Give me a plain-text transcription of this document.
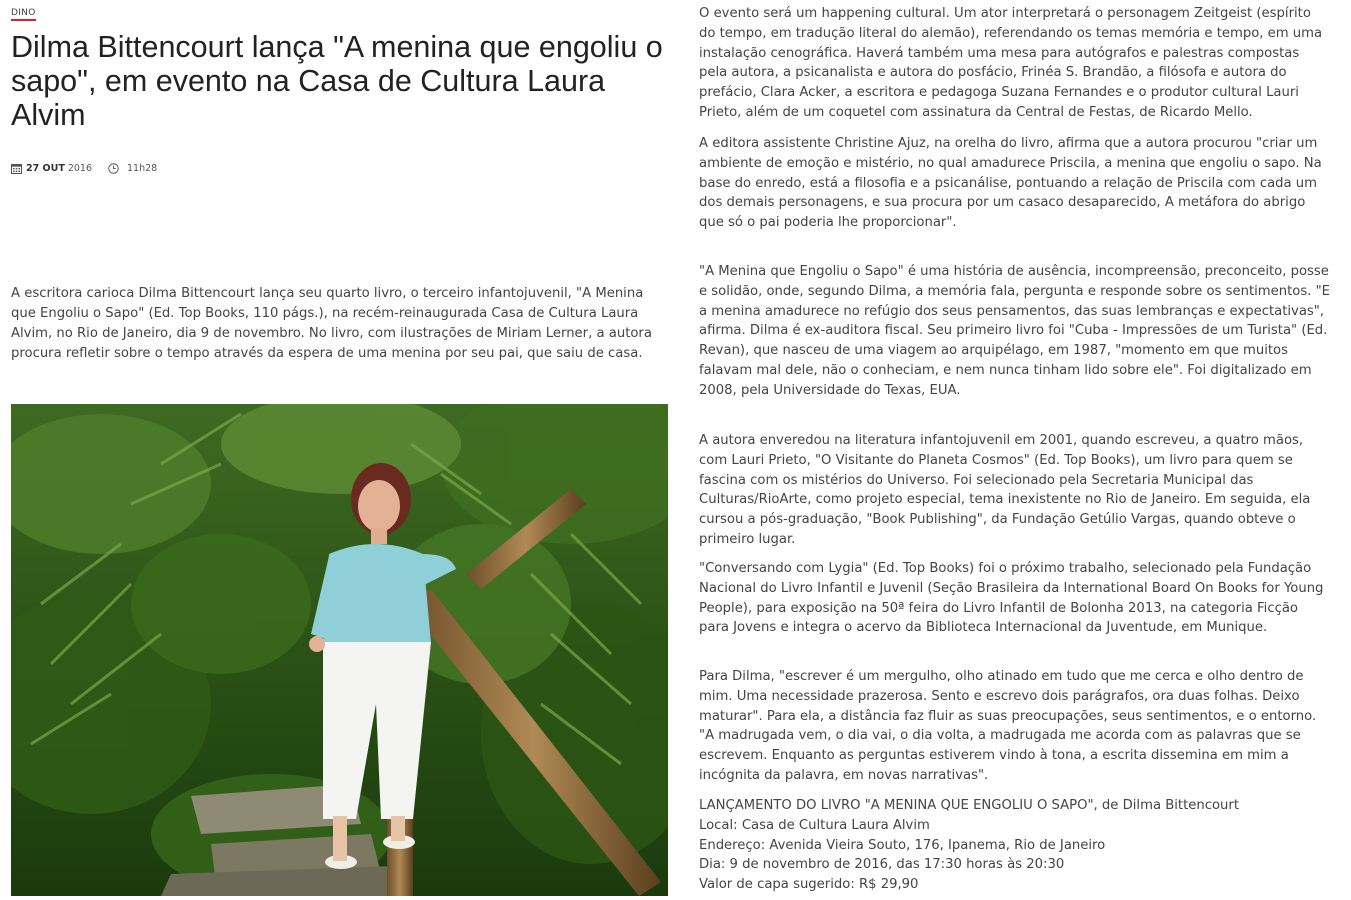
DINO
Dilma Bittencourt lança "A menina que engoliu o sapo", em evento na Casa de Cultura Laura Alvim
27 OUT 2016	11h28

A escritora carioca Dilma Bittencourt lança seu quarto livro, o terceiro infantojuvenil, "A Menina que Engoliu o Sapo" (Ed. Top Books, 110 págs.), na recém-reinaugurada Casa de Cultura Laura Alvim, no Rio de Janeiro, dia 9 de novembro. No livro, com ilustrações de Miriam Lerner, a autora procura refletir sobre o tempo através da espera de uma menina por seu pai, que saiu de casa.

O evento será um happening cultural. Um ator interpretará o personagem Zeitgeist (espírito do tempo, em tradução literal do alemão), referendando os temas memória e tempo, em uma instalação cenográfica. Haverá também uma mesa para autógrafos e palestras compostas pela autora, a psicanalista e autora do posfácio, Frinéa S. Brandão, a filósofa e autora do prefácio, Clara Acker, a escritora e pedagoga Suzana Fernandes e o produtor cultural Lauri Prieto, além de um coquetel com assinatura da Central de Festas, de Ricardo Mello.

A editora assistente Christine Ajuz, na orelha do livro, afirma que a autora procurou "criar um ambiente de emoção e mistério, no qual amadurece Priscila, a menina que engoliu o sapo. Na base do enredo, está a filosofia e a psicanálise, pontuando a relação de Priscila com cada um dos demais personagens, e sua procura por um casaco desaparecido, A metáfora do abrigo que só o pai poderia lhe proporcionar".

"A Menina que Engoliu o Sapo" é uma história de ausência, incompreensão, preconceito, posse e solidão, onde, segundo Dilma, a memória fala, pergunta e responde sobre os sentimentos. "E a menina amadurece no refúgio dos seus pensamentos, das suas lembranças e expectativas", afirma. Dilma é ex-auditora fiscal. Seu primeiro livro foi "Cuba - Impressões de um Turista" (Ed. Revan), que nasceu de uma viagem ao arquipélago, em 1987, "momento em que muitos falavam mal dele, não o conheciam, e nem nunca tinham lido sobre ele". Foi digitalizado em 2008, pela Universidade do Texas, EUA.

A autora enveredou na literatura infantojuvenil em 2001, quando escreveu, a quatro mãos, com Lauri Prieto, "O Visitante do Planeta Cosmos" (Ed. Top Books), um livro para quem se fascina com os mistérios do Universo. Foi selecionado pela Secretaria Municipal das Culturas/RioArte, como projeto especial, tema inexistente no Rio de Janeiro. Em seguida, ela cursou a pós-graduação, "Book Publishing", da Fundação Getúlio Vargas, quando obteve o primeiro lugar.

"Conversando com Lygia" (Ed. Top Books) foi o próximo trabalho, selecionado pela Fundação Nacional do Livro Infantil e Juvenil (Seção Brasileira da International Board On Books for Young People), para exposição na 50ª feira do Livro Infantil de Bolonha 2013, na categoria Ficção para Jovens e integra o acervo da Biblioteca Internacional da Juventude, em Munique.

Para Dilma, "escrever é um mergulho, olho atinado em tudo que me cerca e olho dentro de mim. Uma necessidade prazerosa. Sento e escrevo dois parágrafos, ora duas folhas. Deixo maturar". Para ela, a distância faz fluir as suas preocupações, seus sentimentos, e o entorno. "A madrugada vem, o dia vai, o dia volta, a madrugada me acorda com as palavras que se escrevem. Enquanto as perguntas estiverem vindo à tona, a escrita dissemina em mim a incógnita da palavra, em novas narrativas".

LANÇAMENTO DO LIVRO "A MENINA QUE ENGOLIU O SAPO", de Dilma Bittencourt
Local: Casa de Cultura Laura Alvim
Endereço: Avenida Vieira Souto, 176, Ipanema, Rio de Janeiro
Dia: 9 de novembro de 2016, das 17:30 horas às 20:30
Valor de capa sugerido: R$ 29,90
